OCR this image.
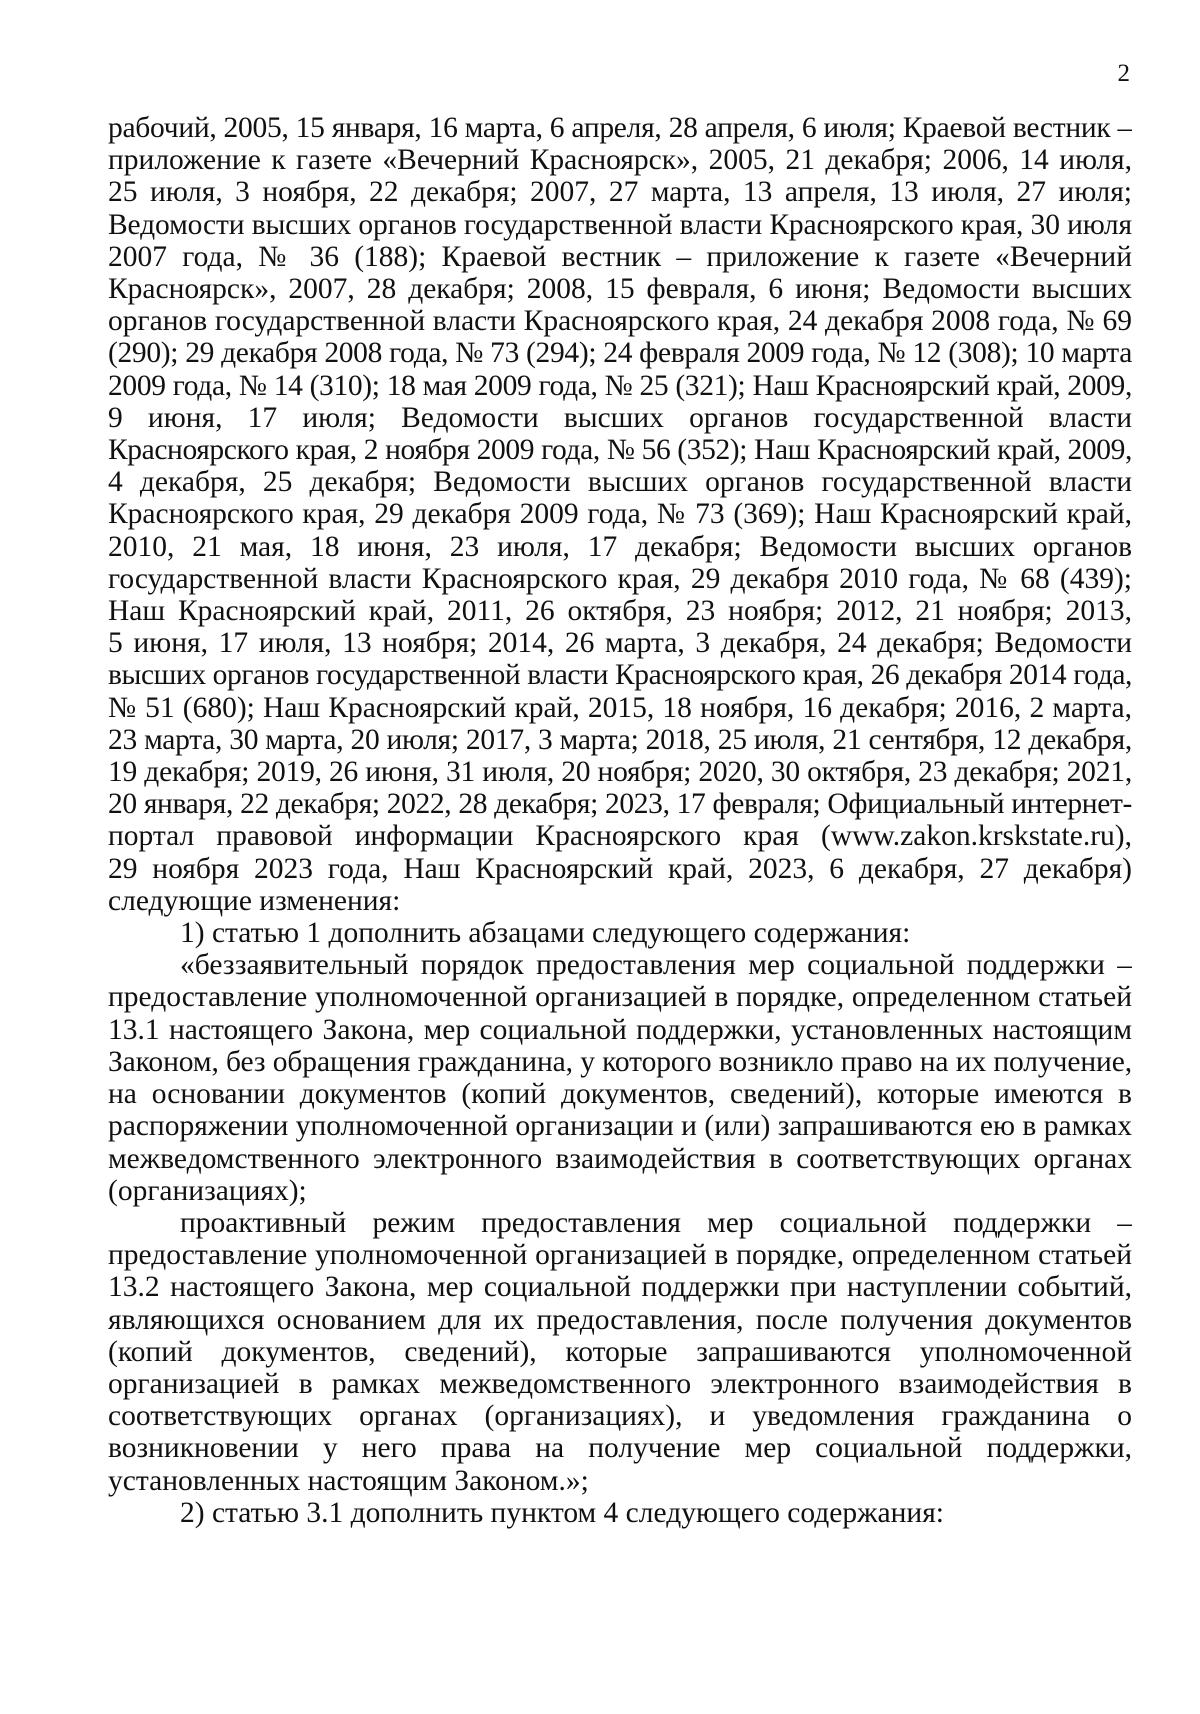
2
рабочий, 2005, 15 января, 16 марта, 6 апреля, 28 апреля, 6 июля; Краевой вестник –
приложение к газете «Вечерний Красноярск», 2005, 21 декабря; 2006, 14 июля,
25 июля, 3 ноября, 22 декабря; 2007, 27 марта, 13 апреля, 13 июля, 27 июля;
Ведомости высших органов государственной власти Красноярского края, 30 июля
2007 года, № 36 (188); Краевой вестник – приложение к газете «Вечерний
Красноярск», 2007, 28 декабря; 2008, 15 февраля, 6 июня; Ведомости высших
органов государственной власти Красноярского края, 24 декабря 2008 года, № 69
(290); 29 декабря 2008 года, № 73 (294); 24 февраля 2009 года, № 12 (308); 10 марта
2009 года, № 14 (310); 18 мая 2009 года, № 25 (321); Наш Красноярский край, 2009,
9 июня, 17 июля; Ведомости высших органов государственной власти
Красноярского края, 2 ноября 2009 года, № 56 (352); Наш Красноярский край, 2009,
4 декабря, 25 декабря; Ведомости высших органов государственной власти
Красноярского края, 29 декабря 2009 года, № 73 (369); Наш Красноярский край,
2010, 21 мая, 18 июня, 23 июля, 17 декабря; Ведомости высших органов
государственной власти Красноярского края, 29 декабря 2010 года, № 68 (439);
Наш Красноярский край, 2011, 26 октября, 23 ноября; 2012, 21 ноября; 2013,
5 июня, 17 июля, 13 ноября; 2014, 26 марта, 3 декабря, 24 декабря; Ведомости
высших органов государственной власти Красноярского края, 26 декабря 2014 года,
№ 51 (680); Наш Красноярский край, 2015, 18 ноября, 16 декабря; 2016, 2 марта,
23 марта, 30 марта, 20 июля; 2017, 3 марта; 2018, 25 июля, 21 сентября, 12 декабря,
19 декабря; 2019, 26 июня, 31 июля, 20 ноября; 2020, 30 октября, 23 декабря; 2021,
20 января, 22 декабря; 2022, 28 декабря; 2023, 17 февраля; Официальный интернет-
портал правовой информации Красноярского края (www.zakon.krskstate.ru),
29 ноября 2023 года, Наш Красноярский край, 2023, 6 декабря, 27 декабря)
следующие изменения:
1) статью 1 дополнить абзацами следующего содержания:
«беззаявительный порядок предоставления мер социальной поддержки –
предоставление уполномоченной организацией в порядке, определенном статьей
13.1 настоящего Закона, мер социальной поддержки, установленных настоящим
Законом, без обращения гражданина, у которого возникло право на их получение,
на основании документов (копий документов, сведений), которые имеются в
распоряжении уполномоченной организации и (или) запрашиваются ею в рамках
межведомственного электронного взаимодействия в соответствующих органах
(организациях);
проактивный режим предоставления мер социальной поддержки –
предоставление уполномоченной организацией в порядке, определенном статьей
13.2 настоящего Закона, мер социальной поддержки при наступлении событий,
являющихся основанием для их предоставления, после получения документов
(копий документов, сведений), которые запрашиваются уполномоченной
организацией в рамках межведомственного электронного взаимодействия в
соответствующих органах (организациях), и уведомления гражданина о
возникновении у него права на получение мер социальной поддержки,
установленных настоящим Законом.»;
2) статью 3.1 дополнить пунктом 4 следующего содержания:
